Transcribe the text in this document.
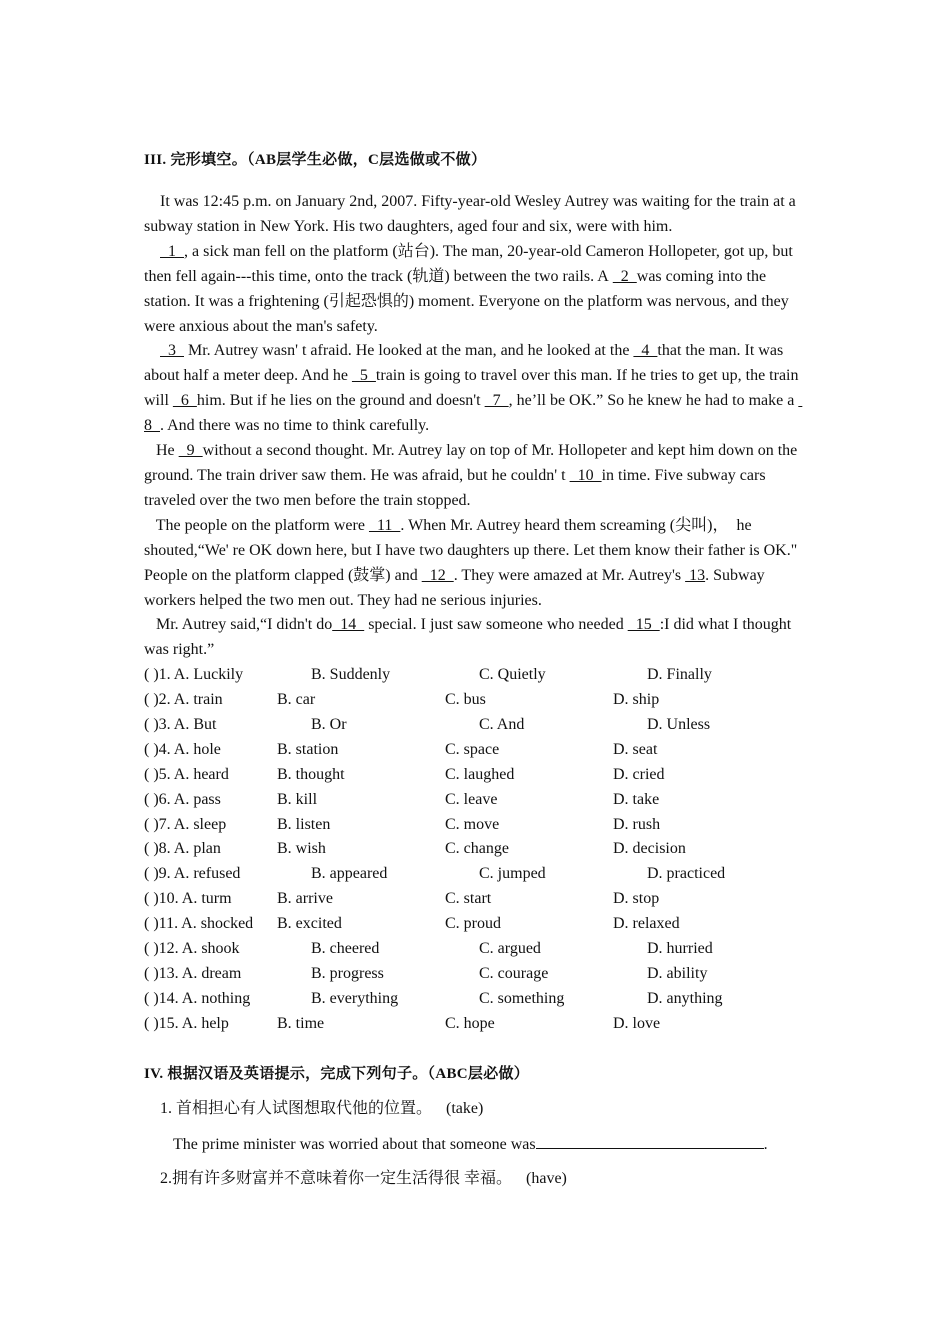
III. 完形填空。（AB层学生必做，C层选做或不做）

It was 12:45 p.m. on January 2nd, 2007. Fifty-year-old Wesley Autrey was waiting for the train at a subway station in New York. His two daughters, aged four and six, were with him.

1  , a sick man fell on the platform (站台). The man, 20-year-old Cameron Hollopeter, got up, but then fell again---this time, onto the track (轨道) between the two rails. A   2  was coming into the station. It was a frightening (引起恐惧的) moment. Everyone on the platform was nervous, and they were anxious about the man's safety.

3   Mr. Autrey wasn' t afraid. He looked at the man, and he looked at the   4  that the man. It was about half a meter deep. And he   5  train is going to travel over this man. If he tries to get up, the train will   6  him. But if he lies on the ground and doesn't   7  , he’ll be OK.” So he knew he had to make a   8  . And there was no time to think carefully.

He   9  without a second thought. Mr. Autrey lay on top of Mr. Hollopeter and kept him down on the ground. The train driver saw them. He was afraid, but he couldn' t   10  in time. Five subway cars traveled over the two men before the train stopped.

The people on the platform were   11  . When Mr. Autrey heard them screaming (尖叫)，  he shouted,“We' re OK down here, but I have two daughters up there. Let them know their father is OK." People on the platform clapped (鼓掌) and   12  . They were amazed at Mr. Autrey's  13. Subway workers helped the two men out. They had ne serious injuries.

Mr. Autrey said,“I didn't do  14   special. I just saw someone who needed   15  :I did what I thought was right.”

( )1. A. Luckily	B. Suddenly	C. Quietly	D. Finally
( )2. A. train	B. car	C. bus	D. ship
( )3. A. But	B. Or	C. And	D. Unless
( )4. A. hole	B. station	C. space	D. seat
( )5. A. heard	B. thought	C. laughed	D. cried
( )6. A. pass	B. kill	C. leave	D. take
( )7. A. sleep	B. listen	C. move	D. rush
( )8. A. plan	B. wish	C. change	D. decision
( )9. A. refused	B. appeared	C. jumped	D. practiced
( )10. A. turm	B. arrive	C. start	D. stop
( )11. A. shocked B. excited	C. proud	D. relaxed
( )12. A. shook	B. cheered	C. argued	D. hurried
( )13. A. dream	B. progress	C. courage	D. ability
( )14. A. nothing	B. everything	C. something	D. anything
( )15. A. help	B. time	C. hope	D. love
IV. 根据汉语及英语提示，完成下列句子。（ABC层必做）
1. 首相担心有人试图想取代他的位置。 (take)
The prime minister was worried about that someone was	.
2.拥有许多财富并不意味着你一定生活得很 幸福。 (have)
